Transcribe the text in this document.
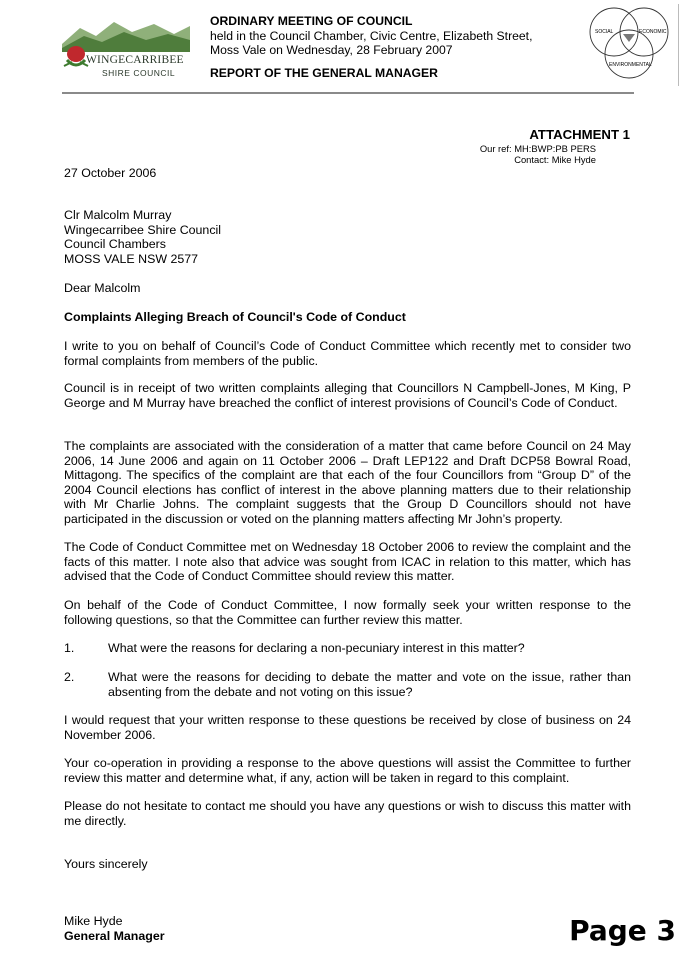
WINGECARRIBEE
SHIRE COUNCIL
ORDINARY MEETING OF COUNCIL
held in the Council Chamber, Civic Centre, Elizabeth Street,
Moss Vale on Wednesday, 28 February 2007
REPORT OF THE GENERAL MANAGER
SOCIAL	ECONOMIC
ENVIRONMENTAL
ATTACHMENT 1
Our ref: MH:BWP:PB PERS
Contact: Mike Hyde
27 October 2006
Clr Malcolm Murray
Wingecarribee Shire Council
Council Chambers
MOSS VALE NSW 2577
Dear Malcolm
Complaints Alleging Breach of Council's Code of Conduct
I write to you on behalf of Council’s Code of Conduct Committee which recently met to consider two formal complaints from members of the public.
Council is in receipt of two written complaints alleging that Councillors N Campbell-Jones, M King, P George and M Murray have breached the conflict of interest provisions of Council’s Code of Conduct.
The complaints are associated with the consideration of a matter that came before Council on 24 May 2006, 14 June 2006 and again on 11 October 2006 – Draft LEP122 and Draft DCP58 Bowral Road, Mittagong. The specifics of the complaint are that each of the four Councillors from “Group D” of the 2004 Council elections has conflict of interest in the above planning matters due to their relationship with Mr Charlie Johns. The complaint suggests that the Group D Councillors should not have participated in the discussion or voted on the planning matters affecting Mr John’s property.
The Code of Conduct Committee met on Wednesday 18 October 2006 to review the complaint and the facts of this matter. I note also that advice was sought from ICAC in relation to this matter, which has advised that the Code of Conduct Committee should review this matter.
On behalf of the Code of Conduct Committee, I now formally seek your written response to the following questions, so that the Committee can further review this matter.
1.	What were the reasons for declaring a non-pecuniary interest in this matter?
2.	What were the reasons for deciding to debate the matter and vote on the issue, rather than absenting from the debate and not voting on this issue?
I would request that your written response to these questions be received by close of business on 24 November 2006.
Your co-operation in providing a response to the above questions will assist the Committee to further review this matter and determine what, if any, action will be taken in regard to this complaint.
Please do not hesitate to contact me should you have any questions or wish to discuss this matter with me directly.
Yours sincerely
Mike Hyde
General Manager	Page 3
